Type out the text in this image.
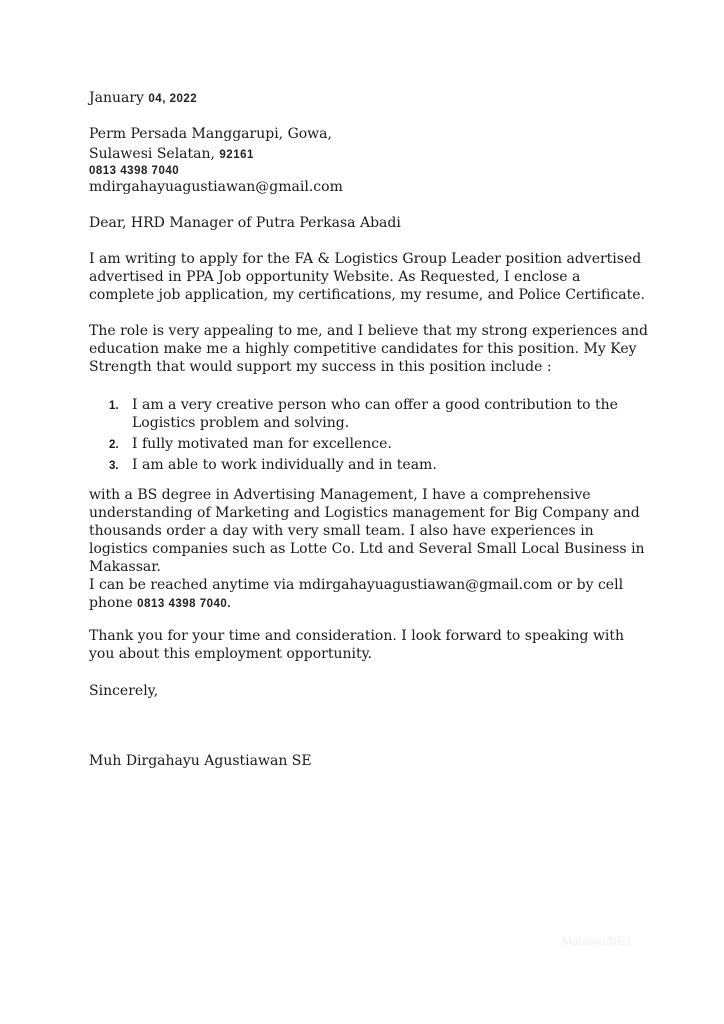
January 04, 2022
Perm Persada Manggarupi, Gowa,
Sulawesi Selatan, 92161
0813 4398 7040
mdirgahayuagustiawan@gmail.com
Dear, HRD Manager of Putra Perkasa Abadi

I am writing to apply for the FA & Logistics Group Leader position advertised advertised in PPA Job opportunity Website. As Requested, I enclose a complete job application, my certifications, my resume, and Police Certificate.

The role is very appealing to me, and I believe that my strong experiences and education make me a highly competitive candidates for this position. My Key Strength that would support my success in this position include :

1. I am a very creative person who can offer a good contribution to the Logistics problem and solving.
2. I fully motivated man for excellence.
3. I am able to work individually and in team.

with a BS degree in Advertising Management, I have a comprehensive understanding of Marketing and Logistics management for Big Company and thousands order a day with very small team. I also have experiences in logistics companies such as Lotte Co. Ltd and Several Small Local Business in Makassar.

I can be reached anytime via mdirgahayuagustiawan@gmail.com or by cell phone 0813 4398 7040.

Thank you for your time and consideration. I look forward to speaking with you about this employment opportunity.

Sincerely,
Muh Dirgahayu Agustiawan SE
Matamu.NET
